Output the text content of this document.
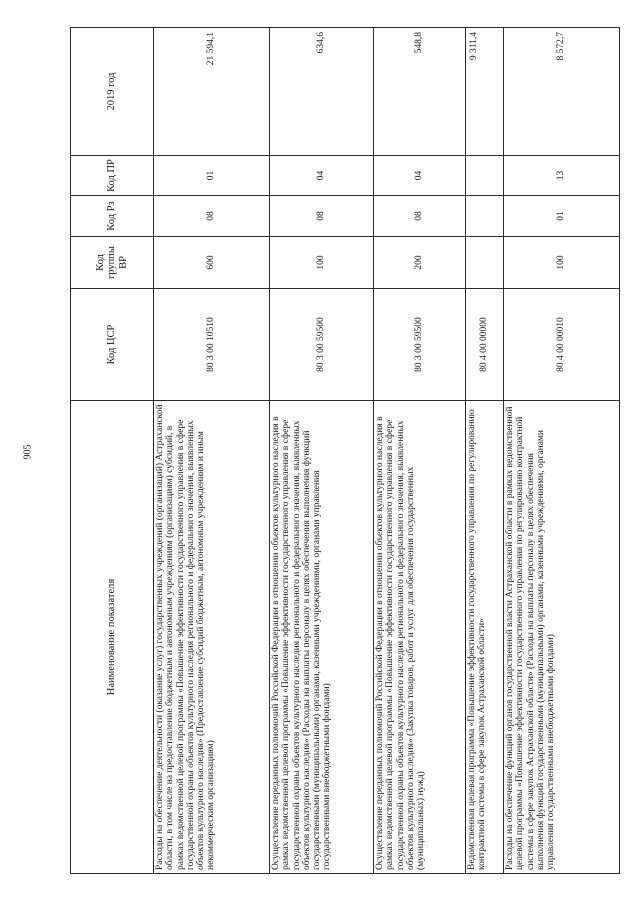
905
Наименование показателя	Код ЦСР	Код группы ВР	Код Рз	Код ПР	2019 год
Расходы на обеспечение деятельности (оказание услуг) государственных учреждений (организаций) Астраханской области, в том числе на предоставление бюджетным и автономным учреждениям (организациям) субсидий, в рамках ведомственной целевой программы «Повышение эффективности государственного управления в сфере государственной охраны объектов культурного наследия регионального и федерального значения, выявленных объектов культурного наследия» (Предоставление субсидий бюджетным, автономным учреждениям и иным некоммерческим организациям)	80 3 00 10510	600	08	01	21 594,1
Осуществление переданных полномочий Российской Федерации в отношении объектов культурного наследия в рамках ведомственной целевой программы «Повышение эффективности государственного управления в сфере государственной охраны объектов культурного наследия регионального и федерального значения, выявленных объектов культурного наследия» (Расходы на выплаты персоналу в целях обеспечения выполнения функций государственными (муниципальными) органами, казенными учреждениями, органами управления государственными внебюджетными фондами)	80 3 00 59500	100	08	04	634,6
Осуществление переданных полномочий Российской Федерации в отношении объектов культурного наследия в рамках ведомственной целевой программы «Повышение эффективности государственного управления в сфере государственной охраны объектов культурного наследия регионального и федерального значения, выявленных объектов культурного наследия» (Закупка товаров, работ и услуг для обеспечения государственных (муниципальных) нужд)	80 3 00 59500	200	08	04	548,8
Ведомственная целевая программа «Повышение эффективности государственного управления по регулированию контрактной системы в сфере закупок Астраханской области»	80 4 00 00000				9 311,4
Расходы на обеспечение функций органов государственной власти Астраханской области в рамках ведомственной целевой программы «Повышение эффективности государственного управления по регулированию контрактной системы в сфере закупок Астраханской области» (Расходы на выплаты персоналу в целях обеспечения выполнения функций государственными (муниципальными) органами, казенными учреждениями, органами управления государственными внебюджетными фондами)	80 4 00 00010	100	01	13	8 572,7
